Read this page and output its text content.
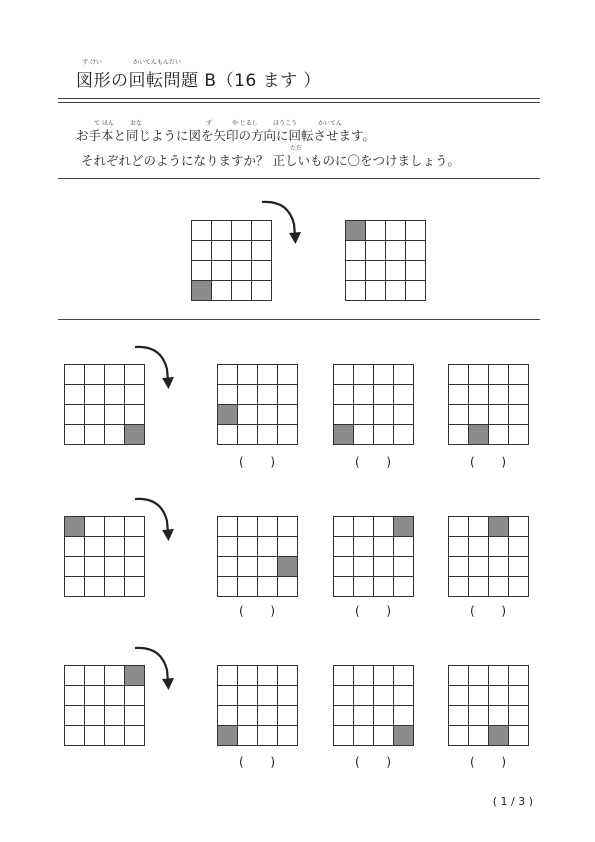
ず けい	かいてんもんだい
図形の回転問題 B（16 ます ）
て ほん	おな	ず	や じるし	ほうこう	かいてん
お手本と同じように図を矢印の方向に回転させます。
ただ
それぞれどのようになりますか？ 正しいものに〇をつけましょう。
( )	( )	( )
( )	( )	( )
( )	( )	( )
( 1 / 3 )
